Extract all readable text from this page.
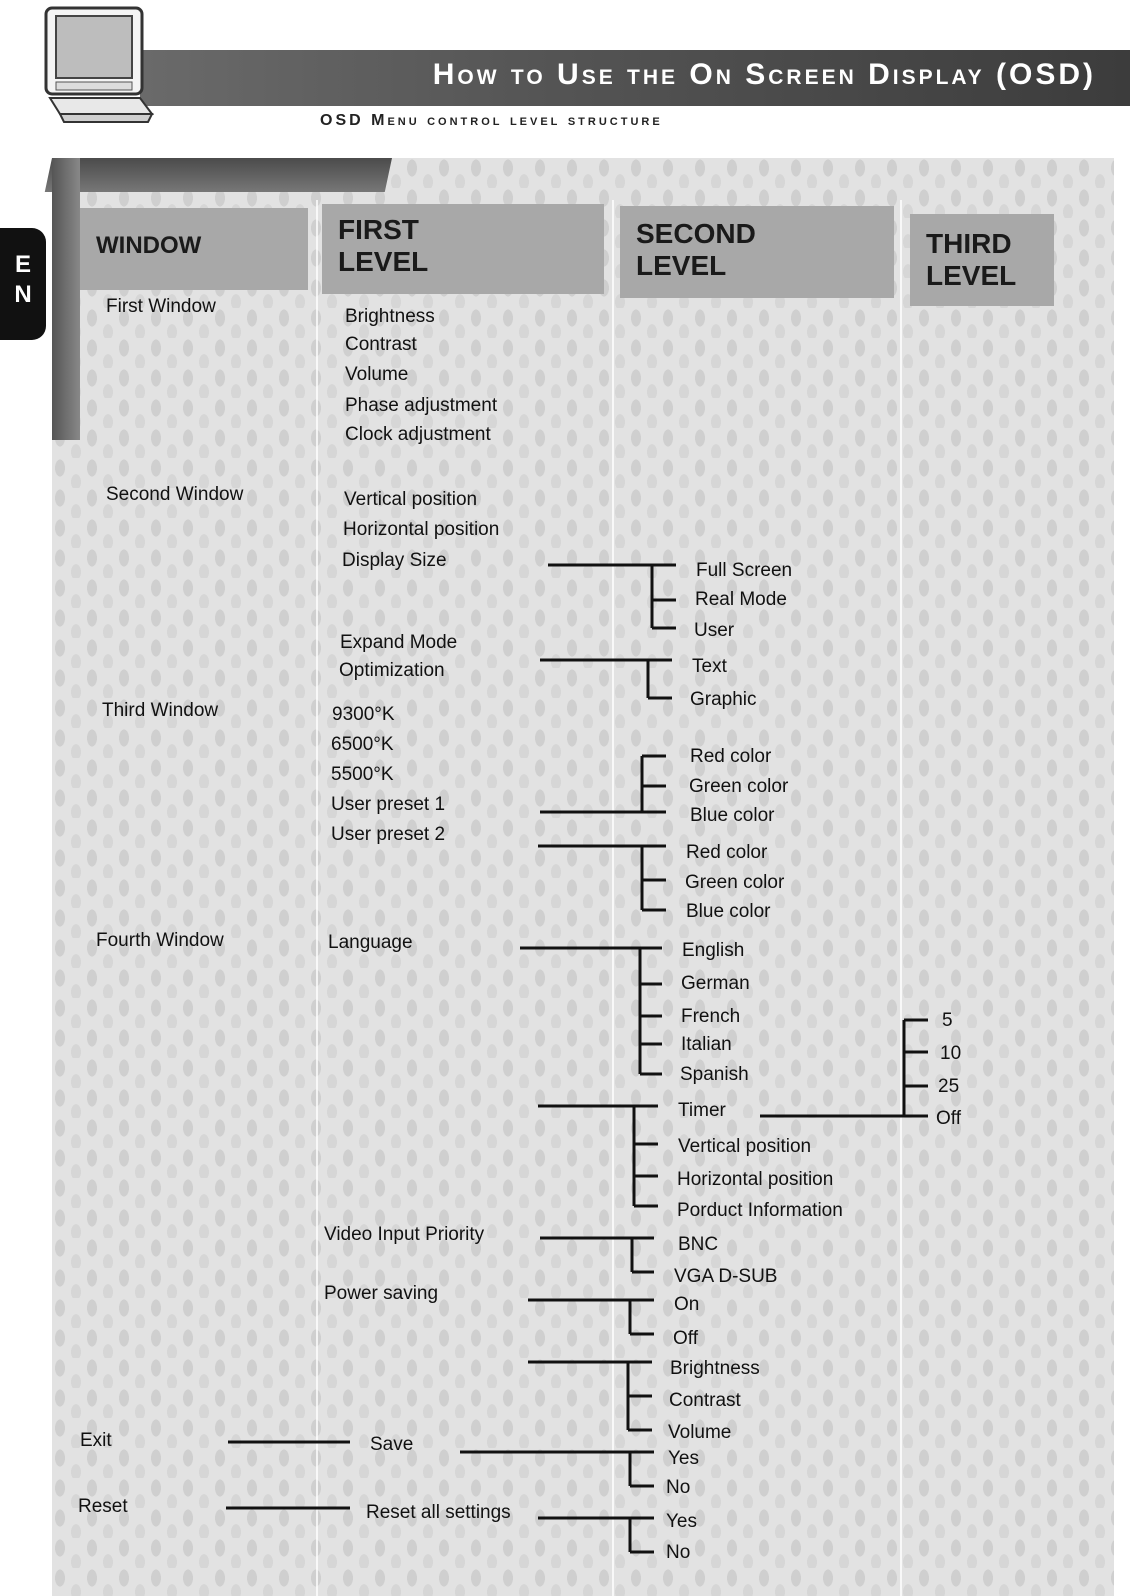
How to Use the On Screen Display (OSD)
OSD Menu control level structure
E
N
WINDOW
FIRST LEVEL
SECOND LEVEL
THIRD LEVEL
First Window
Second Window
Third Window
Fourth Window
Exit
Reset
Brightness
Contrast
Volume
Phase adjustment
Clock adjustment
Vertical position
Horizontal position
Display Size
Expand Mode
Optimization
9300°K
6500°K
5500°K
User preset 1
User preset 2
Language
Video Input Priority
Power saving
Save
Reset all settings
Full Screen
Real Mode
User
Text
Graphic
Red color
Green color
Blue color
Red color
Green color
Blue color
English
German
French
Italian
Spanish
Timer
Vertical position
Horizontal position
Porduct Information
BNC
VGA D-SUB
On
Off
Brightness
Contrast
Volume
Yes
No
Yes
No
5
10
25
Off
